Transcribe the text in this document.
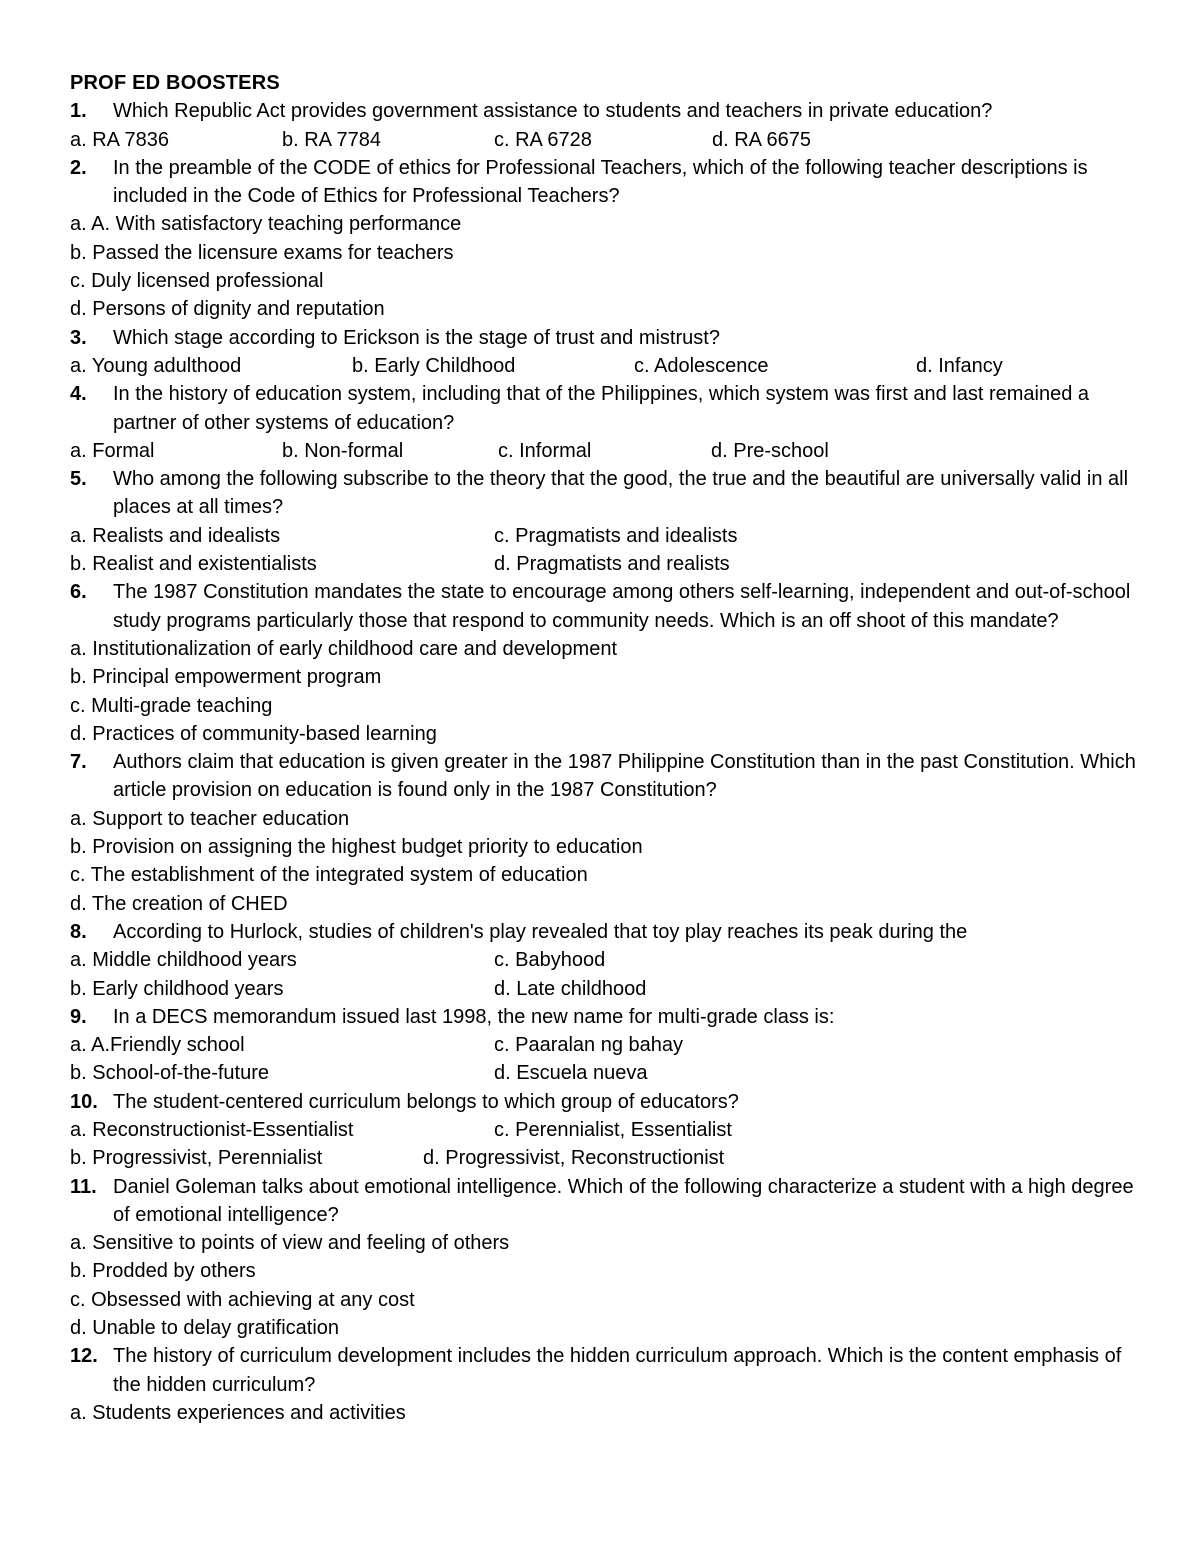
PROF ED BOOSTERS
1. Which Republic Act provides government assistance to students and teachers in private education?
a. RA 7836	b. RA 7784	c. RA 6728	d. RA 6675
2. In the preamble of the CODE of ethics for Professional Teachers, which of the following teacher descriptions is included in the Code of Ethics for Professional Teachers?
a. A. With satisfactory teaching performance
b. Passed the licensure exams for teachers
c. Duly licensed professional
d. Persons of dignity and reputation
3. Which stage according to Erickson is the stage of trust and mistrust?
a. Young adulthood	b. Early Childhood	c. Adolescence	d. Infancy
4. In the history of education system, including that of the Philippines, which system was first and last remained a partner of other systems of education?
a. Formal	b. Non-formal	c. Informal	d. Pre-school
5. Who among the following subscribe to the theory that the good, the true and the beautiful are universally valid in all places at all times?
a. Realists and idealists	c. Pragmatists and idealists
b. Realist and existentialists	d. Pragmatists and realists
6. The 1987 Constitution mandates the state to encourage among others self-learning, independent and out-of-school study programs particularly those that respond to community needs. Which is an off shoot of this mandate?
a. Institutionalization of early childhood care and development
b. Principal empowerment program
c. Multi-grade teaching
d. Practices of community-based learning
7. Authors claim that education is given greater in the 1987 Philippine Constitution than in the past Constitution. Which article provision on education is found only in the 1987 Constitution?
a. Support to teacher education
b. Provision on assigning the highest budget priority to education
c. The establishment of the integrated system of education
d. The creation of CHED
8. According to Hurlock, studies of children's play revealed that toy play reaches its peak during the
a. Middle childhood years	c. Babyhood
b. Early childhood years	d. Late childhood
9. In a DECS memorandum issued last 1998, the new name for multi-grade class is:
a. A.Friendly school	c. Paaralan ng bahay
b. School-of-the-future	d. Escuela nueva
10. The student-centered curriculum belongs to which group of educators?
a. Reconstructionist-Essentialist	c. Perennialist, Essentialist
b. Progressivist, Perennialist	d. Progressivist, Reconstructionist
11. Daniel Goleman talks about emotional intelligence. Which of the following characterize a student with a high degree of emotional intelligence?
a. Sensitive to points of view and feeling of others
b. Prodded by others
c. Obsessed with achieving at any cost
d. Unable to delay gratification
12. The history of curriculum development includes the hidden curriculum approach. Which is the content emphasis of the hidden curriculum?
a. Students experiences and activities
